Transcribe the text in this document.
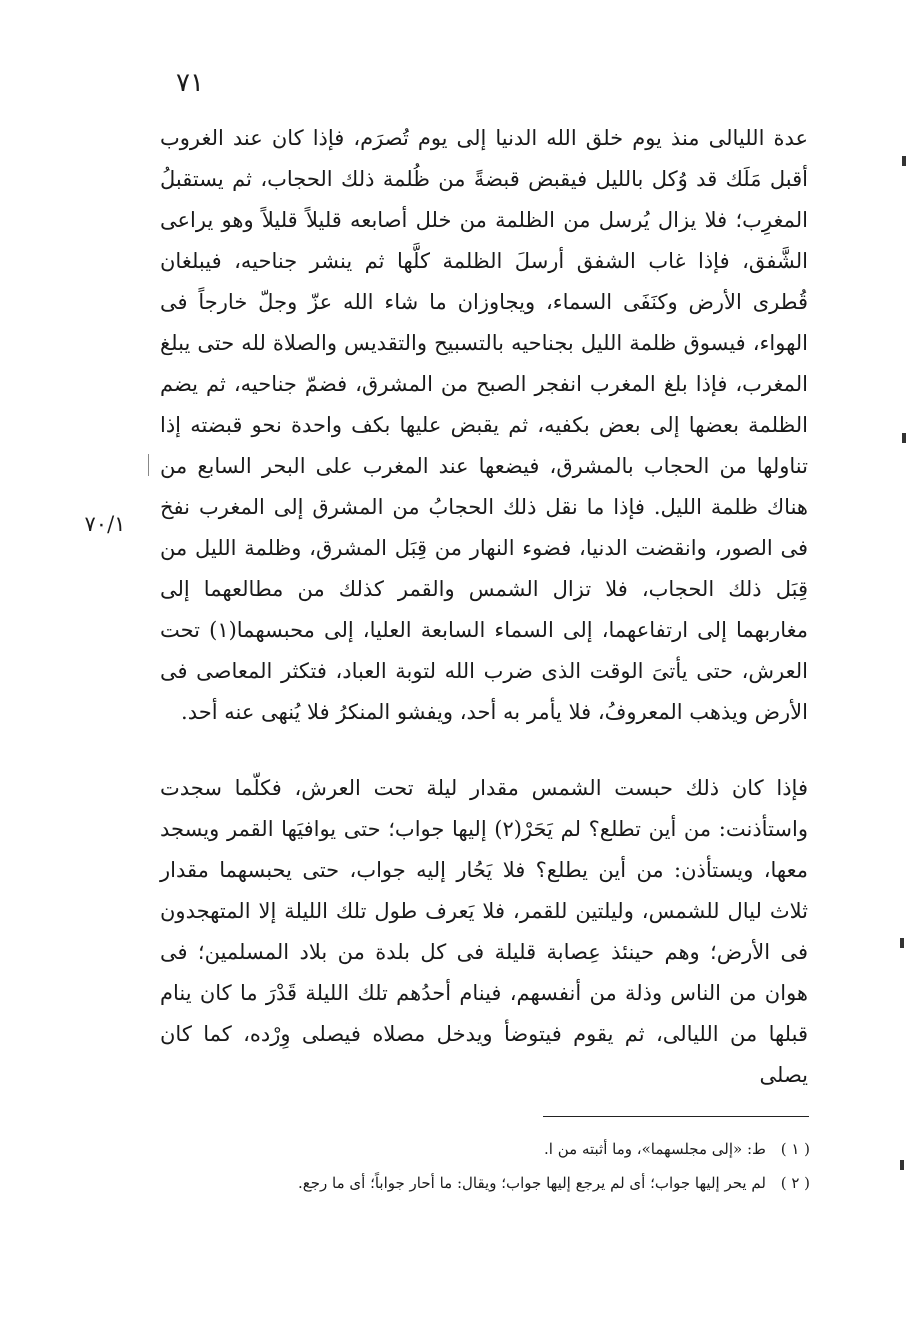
٧١

٧٠/١

عدة الليالى منذ يوم خلق الله الدنيا إلى يوم تُصرَم، فإذا كان عند الغروب أقبل مَلَك قد وُكل بالليل فيقبض قبضةً من ظُلمة ذلك الحجاب، ثم يستقبلُ المغرِب؛ فلا يزال يُرسل من الظلمة من خلل أصابعه قليلاً قليلاً وهو يراعى الشَّفق، فإذا غاب الشفق أرسلَ الظلمة كلَّها ثم ينشر جناحيه، فيبلغان قُطرى الأرض وكنَفَى السماء، ويجاوزان ما شاء الله عزّ وجلّ خارجاً فى الهواء، فيسوق ظلمة الليل بجناحيه بالتسبيح والتقديس والصلاة لله حتى يبلغ المغرب، فإذا بلغ المغرب انفجر الصبح من المشرق، فضمّ جناحيه، ثم يضم الظلمة بعضها إلى بعض بكفيه، ثم يقبض عليها بكف واحدة نحو قبضته إذا تناولها من الحجاب بالمشرق، فيضعها عند المغرب على البحر السابع من هناك ظلمة الليل. فإذا ما نقل ذلك الحجابُ من المشرق إلى المغرب نفخ فى الصور، وانقضت الدنيا، فضوء النهار من قِبَل المشرق، وظلمة الليل من قِبَل ذلك الحجاب، فلا تزال الشمس والقمر كذلك من مطالعهما إلى مغاربهما إلى ارتفاعهما، إلى السماء السابعة العليا، إلى محبسهما(١) تحت العرش، حتى يأتىَ الوقت الذى ضرب الله لتوبة العباد، فتكثر المعاصى فى الأرض ويذهب المعروفُ، فلا يأمر به أحد، ويفشو المنكرُ فلا يُنهى عنه أحد.

فإذا كان ذلك حبست الشمس مقدار ليلة تحت العرش، فكلّما سجدت واستأذنت: من أين تطلع؟ لم يَحَرْ(٢) إليها جواب؛ حتى يوافيَها القمر ويسجد معها، ويستأذن: من أين يطلع؟ فلا يَحُار إليه جواب، حتى يحبسهما مقدار ثلاث ليال للشمس، وليلتين للقمر، فلا يَعرف طول تلك الليلة إلا المتهجدون فى الأرض؛ وهم حينئذ عِصابة قليلة فى كل بلدة من بلاد المسلمين؛ فى هوان من الناس وذلة من أنفسهم، فينام أحدُهم تلك الليلة قَدْرَ ما كان ينام قبلها من الليالى، ثم يقوم فيتوضأ ويدخل مصلاه فيصلى وِرْده، كما كان يصلى

( ١ ) ط: «إلى مجلسهما»، وما أثبته من ا.

( ٢ ) لم يحر إليها جواب؛ أى لم يرجع إليها جواب؛ ويقال: ما أحار جواباً؛ أى ما رجع.
